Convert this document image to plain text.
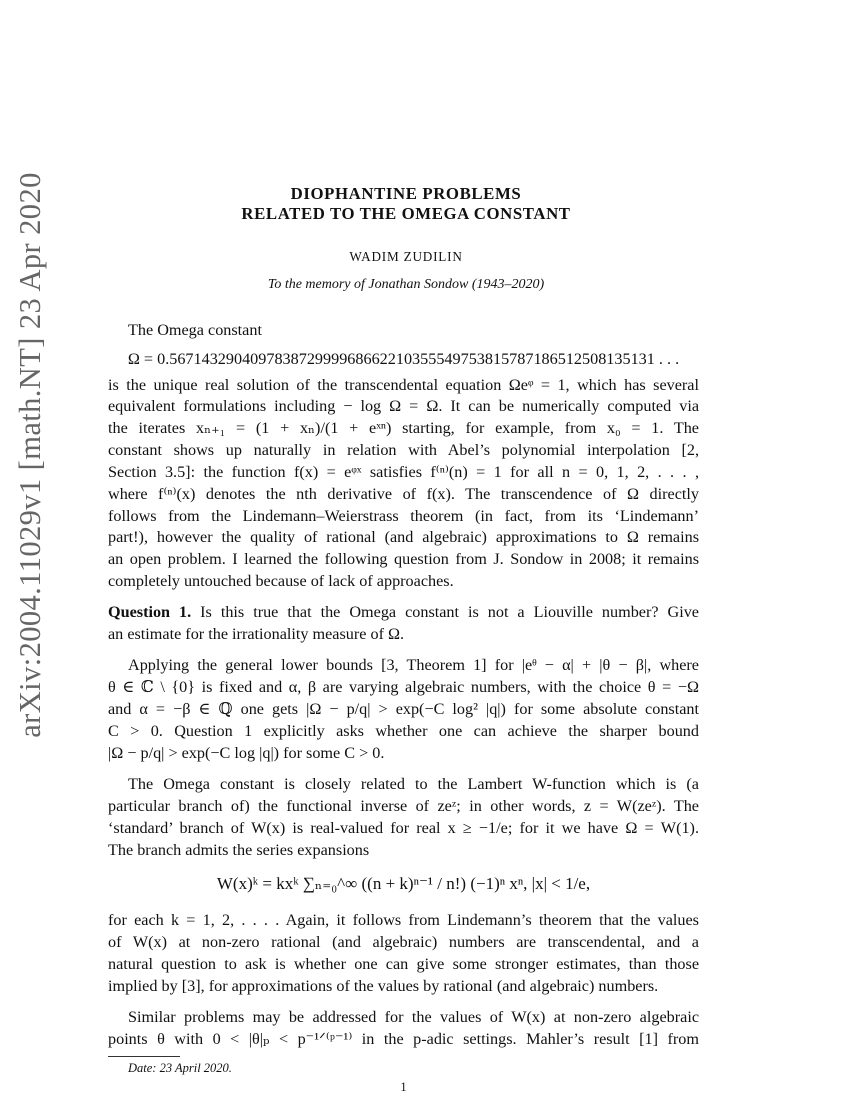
arXiv:2004.11029v1 [math.NT] 23 Apr 2020	DIOPHANTINE PROBLEMS
RELATED TO THE OMEGA CONSTANT
WADIM ZUDILIN
To the memory of Jonathan Sondow (1943–2020)
The Omega constant
Ω = 0.567143290409783872999968662210355549753815787186512508135131 . . .
is the unique real solution of the transcendental equation Ωeᵠ = 1, which has several
equivalent formulations including − log Ω = Ω. It can be numerically computed via
the iterates xₙ₊₁ = (1 + xₙ)/(1 + eˣⁿ) starting, for example, from x₀ = 1. The
constant shows up naturally in relation with Abel’s polynomial interpolation [2,
Section 3.5]: the function f(x) = eᵠˣ satisfies f⁽ⁿ⁾(n) = 1 for all n = 0, 1, 2, . . . ,
where f⁽ⁿ⁾(x) denotes the nth derivative of f(x). The transcendence of Ω directly
follows from the Lindemann–Weierstrass theorem (in fact, from its ‘Lindemann’
part!), however the quality of rational (and algebraic) approximations to Ω remains
an open problem. I learned the following question from J. Sondow in 2008; it remains
completely untouched because of lack of approaches.
Question 1. Is this true that the Omega constant is not a Liouville number? Give
an estimate for the irrationality measure of Ω.
Applying the general lower bounds [3, Theorem 1] for |eᶿ − α| + |θ − β|, where
θ ∈ ℂ \ {0} is fixed and α, β are varying algebraic numbers, with the choice θ = −Ω
and α = −β ∈ ℚ one gets |Ω − p/q| > exp(−C log² |q|) for some absolute constant
C > 0. Question 1 explicitly asks whether one can achieve the sharper bound
|Ω − p/q| > exp(−C log |q|) for some C > 0.
The Omega constant is closely related to the Lambert W-function which is (a
particular branch of) the functional inverse of zeᶻ; in other words, z = W(zeᶻ). The
‘standard’ branch of W(x) is real-valued for real x ≥ −1/e; for it we have Ω = W(1).
The branch admits the series expansions
W(x)ᵏ = kxᵏ ∑ₙ₌₀^∞ ((n + k)ⁿ⁻¹ / n!) (−1)ⁿ xⁿ, |x| < 1/e,
for each k = 1, 2, . . . . Again, it follows from Lindemann’s theorem that the values
of W(x) at non-zero rational (and algebraic) numbers are transcendental, and a
natural question to ask is whether one can give some stronger estimates, than those
implied by [3], for approximations of the values by rational (and algebraic) numbers.
Similar problems may be addressed for the values of W(x) at non-zero algebraic
points θ with 0 < |θ|ₚ < p⁻¹ᐟ⁽ᵖ⁻¹⁾ in the p-adic settings. Mahler’s result [1] from
Date: 23 April 2020.
1
